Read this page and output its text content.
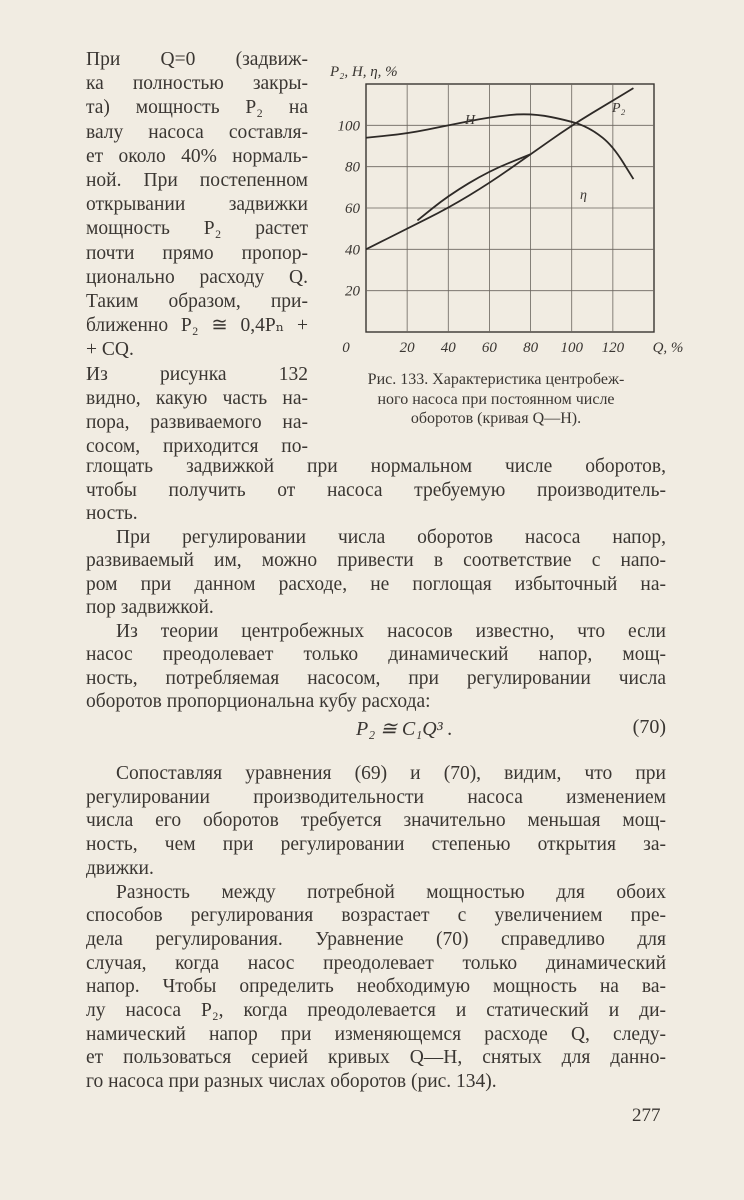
При Q=0 (задвиж-
ка полностью закры-
та) мощность P₂ на
валу насоса составля-
ет около 40% нормаль-
ной. При постепенном
открывании задвижки
мощность P₂ растет
почти прямо пропор-
ционально расходу Q.
Таким образом, при-
ближенно P₂ ≅ 0,4Pₙ +
+ CQ.
Из рисунка 132
видно, какую часть на-
пора, развиваемого на-
сосом, приходится по-
20
40
60
80
100
0	20 40 60 80 100 120 Q, %
P₂, H, η, %
H
P₂
η
Рис. 133. Характеристика центробеж-
ного насоса при постоянном числе
оборотов (кривая Q—H).
глощать задвижкой при нормальном числе оборотов,
чтобы получить от насоса требуемую производитель-
ность.
При регулировании числа оборотов насоса напор,
развиваемый им, можно привести в соответствие с напо-
ром при данном расходе, не поглощая избыточный на-
пор задвижкой.
Из теории центробежных насосов известно, что если
насос преодолевает только динамический напор, мощ-
ность, потребляемая насосом, при регулировании числа
оборотов пропорциональна кубу расхода:
P₂ ≅ C₁Q³ .	(70)
Сопоставляя уравнения (69) и (70), видим, что при
регулировании производительности насоса изменением
числа его оборотов требуется значительно меньшая мощ-
ность, чем при регулировании степенью открытия за-
движки.
Разность между потребной мощностью для обоих
способов регулирования возрастает с увеличением пре-
дела регулирования. Уравнение (70) справедливо для
случая, когда насос преодолевает только динамический
напор. Чтобы определить необходимую мощность на ва-
лу насоса P₂, когда преодолевается и статический и ди-
намический напор при изменяющемся расходе Q, следу-
ет пользоваться серией кривых Q—H, снятых для данно-
го насоса при разных числах оборотов (рис. 134).
277
